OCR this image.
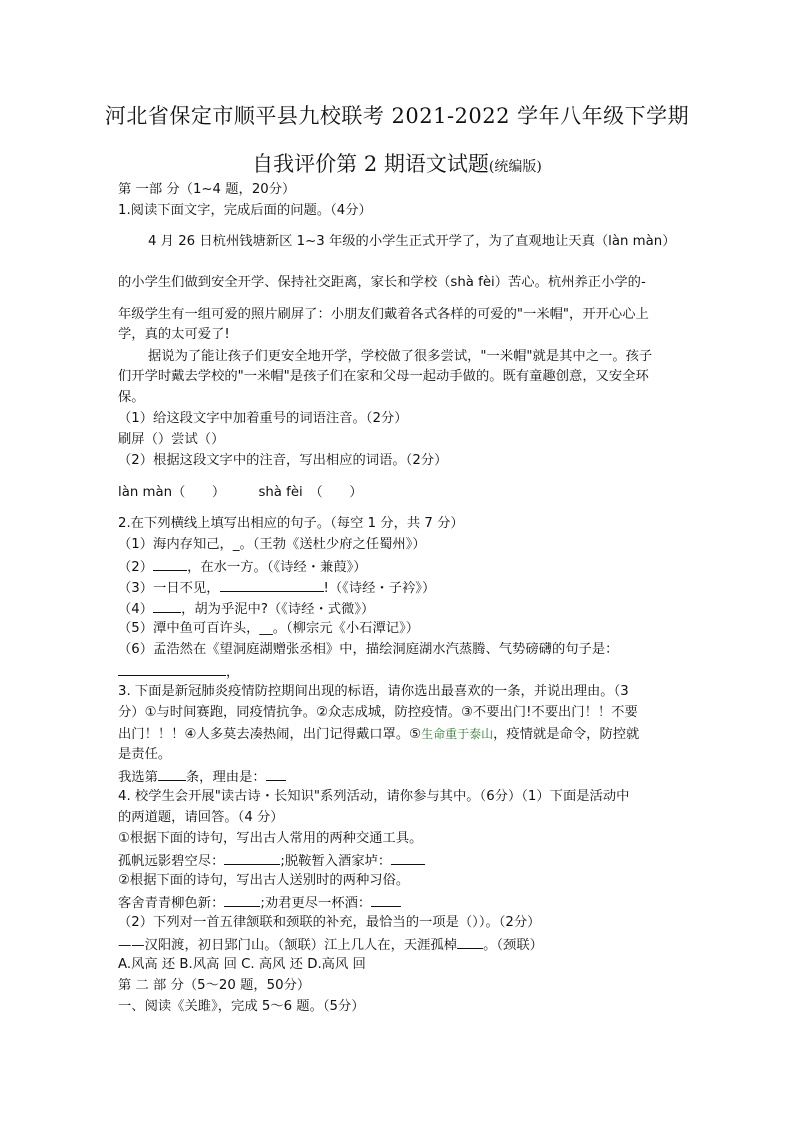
河北省保定市顺平县九校联考 2021-2022 学年八年级下学期
自我评价第 2 期语文试题(统编版)
第 一部 分（1~4 题，20分）
1.阅读下面文字，完成后面的问题。（4分）
4 月 26 日杭州钱塘新区 1~3 年级的小学生正式开学了，为了直观地让天真（làn màn）
的小学生们做到安全开学、保持社交距离，家长和学校（shà fèi）苦心。杭州养正小学的-
年级学生有一组可爱的照片刷屏了：小朋友们戴着各式各样的可爱的"一米帽"，开开心心上
学，真的太可爱了!
据说为了能让孩子们更安全地开学，学校做了很多尝试，"一米帽"就是其中之一。孩子
们开学时戴去学校的"一米帽"是孩子们在家和父母一起动手做的。既有童趣创意，又安全环
保。
（1）给这段文字中加着重号的词语注音。（2分）
刷屏（）尝试（）
（2）根据这段文字中的注音，写出相应的词语。（2分）
làn màn（　　）　　　shà fèi　（　　）
2.在下列横线上填写出相应的句子。（每空 1 分，共 7 分）
（1）海内存知己，_。（王勃《送杜少府之任蜀州》）
（2）	，在水一方。（《诗经・兼葭》）
（3）一日不见，	!（《诗经・子衿》）
（4） ，胡为乎泥中?（《诗经・式微》）
（5）潭中鱼可百许头，__。（柳宗元《小石潭记》）
（6）孟浩然在《望洞庭湖赠张丞相》中，描绘洞庭湖水汽蒸腾、气势磅礴的句子是：
，
3. 下面是新冠肺炎疫情防控期间出现的标语，请你选出最喜欢的一条，并说出理由。（3
分）①与时间赛跑，同疫情抗争。②众志成城，防控疫情。③不要出门!不要出门！！不要
出门！！！④人多莫去凑热闹，出门记得戴口罩。⑤生命重于泰山，疫情就是命令，防控就
是责任。
我选第 条，理由是：
4. 校学生会开展"读古诗・长知识"系列活动，请你参与其中。（6分）（1）下面是活动中
的两道题，请回答。（4 分）
①根据下面的诗句，写出古人常用的两种交通工具。
孤帆远影碧空尽：	;脱鞍暂入酒家垆：
②根据下面的诗句，写出古人送别时的两种习俗。
客舍青青柳色新：	;劝君更尽一杯酒：
（2）下列对一首五律颔联和颈联的补充，最恰当的一项是（））。（2分）
——汉阳渡，初日郢门山。（颔联）江上几人在，天涯孤棹 。（颈联）
A.风高 还 B.风高 回 C. 高风 还 D.高风 回
第 二 部 分（5～20 题，50分）
一、阅读《关雎》，完成 5～6 题。（5分）
